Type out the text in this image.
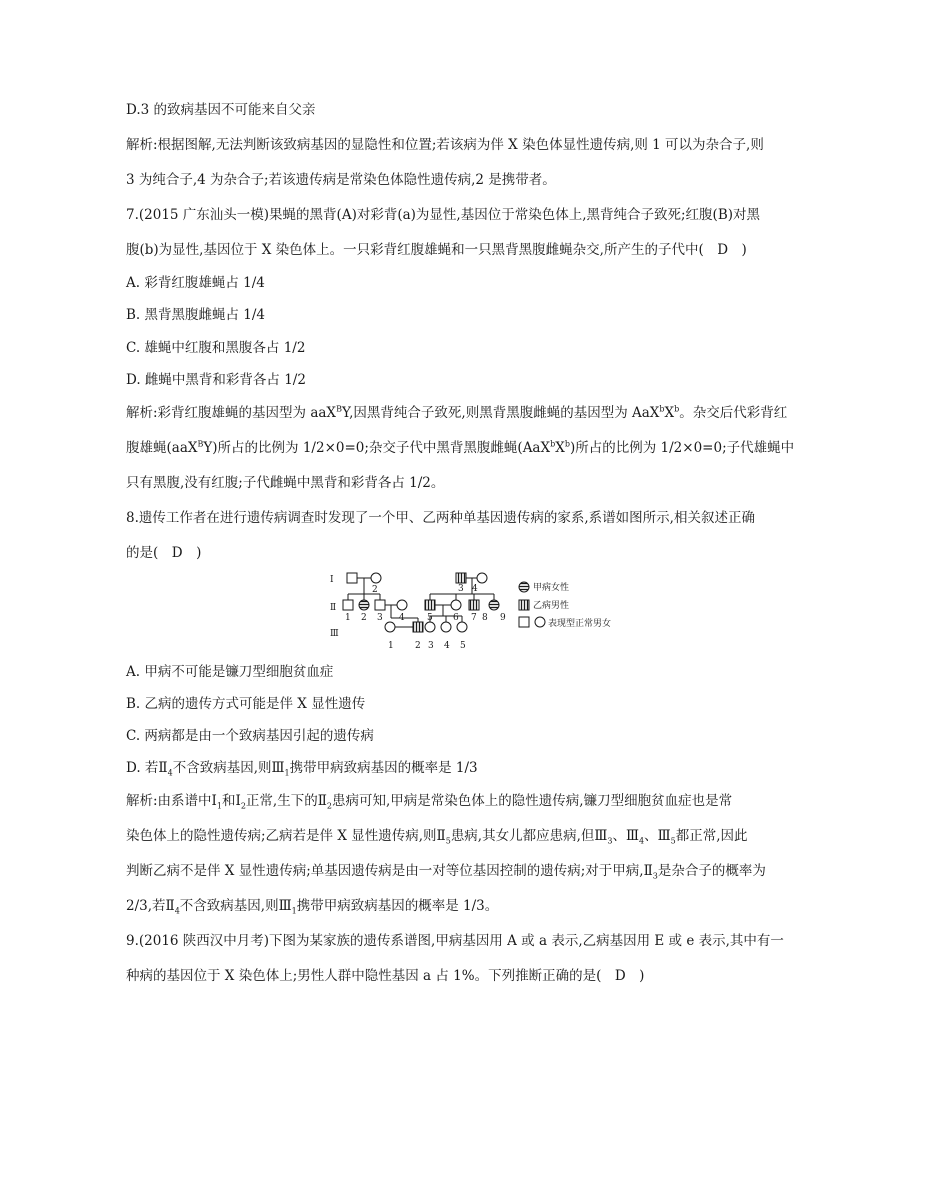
D.3 的致病基因不可能来自父亲
解析:根据图解,无法判断该致病基因的显隐性和位置;若该病为伴 X 染色体显性遗传病,则 1 可以为杂合子,则
3 为纯合子,4 为杂合子;若该遗传病是常染色体隐性遗传病,2 是携带者。
7.(2015 广东汕头一模)果蝇的黑背(A)对彩背(a)为显性,基因位于常染色体上,黑背纯合子致死;红腹(B)对黑
腹(b)为显性,基因位于 X 染色体上。一只彩背红腹雄蝇和一只黑背黑腹雌蝇杂交,所产生的子代中(　D　)
A. 彩背红腹雄蝇占 1/4
B. 黑背黑腹雌蝇占 1/4
C. 雄蝇中红腹和黑腹各占 1/2
D. 雌蝇中黑背和彩背各占 1/2
解析:彩背红腹雄蝇的基因型为 aaX$^B$Y,因黑背纯合子致死,则黑背黑腹雌蝇的基因型为 $AaX^bX^b$。杂交后代彩背红
腹雄蝇(aaX$^B$Y)所占的比例为 1/2×0=0;杂交子代中黑背黑腹雌蝇$(AaX^bX^b)$所占的比例为 1/2×0=0;子代雄蝇中
只有黑腹,没有红腹;子代雌蝇中黑背和彩背各占 1/2。
8.遗传工作者在进行遗传病调查时发现了一个甲、乙两种单基因遗传病的家系,系谱如图所示,相关叙述正确
的是(　D　)
Ⅰ
Ⅱ
Ⅲ
2	3 4
1 2 3 4 5 6 7 8 9
1 2 3 4 5
甲病女性
乙病男性
表现型正常男女
A. 甲病不可能是镰刀型细胞贫血症
B. 乙病的遗传方式可能是伴 X 显性遗传
C. 两病都是由一个致病基因引起的遗传病
D. 若$Ⅱ_4$不含致病基因,则$Ⅲ_1$携带甲病致病基因的概率是 1/3
解析:由系谱中$Ⅰ_1$和$Ⅰ_2$正常,生下的$Ⅱ_2$患病可知,甲病是常染色体上的隐性遗传病,镰刀型细胞贫血症也是常
染色体上的隐性遗传病;乙病若是伴 X 显性遗传病,则$Ⅱ_5$患病,其女儿都应患病,但$Ⅲ_3$、$Ⅲ_4$、$Ⅲ_5$都正常,因此
判断乙病不是伴 X 显性遗传病;单基因遗传病是由一对等位基因控制的遗传病;对于甲病$,Ⅱ_3$是杂合子的概率为
2/3,若$Ⅱ_4$不含致病基因,则$Ⅲ_1$携带甲病致病基因的概率是 1/3。
9.(2016 陕西汉中月考)下图为某家族的遗传系谱图,甲病基因用 A 或 a 表示,乙病基因用 E 或 e 表示,其中有一
种病的基因位于 X 染色体上;男性人群中隐性基因 a 占 1%。下列推断正确的是(　D　)
